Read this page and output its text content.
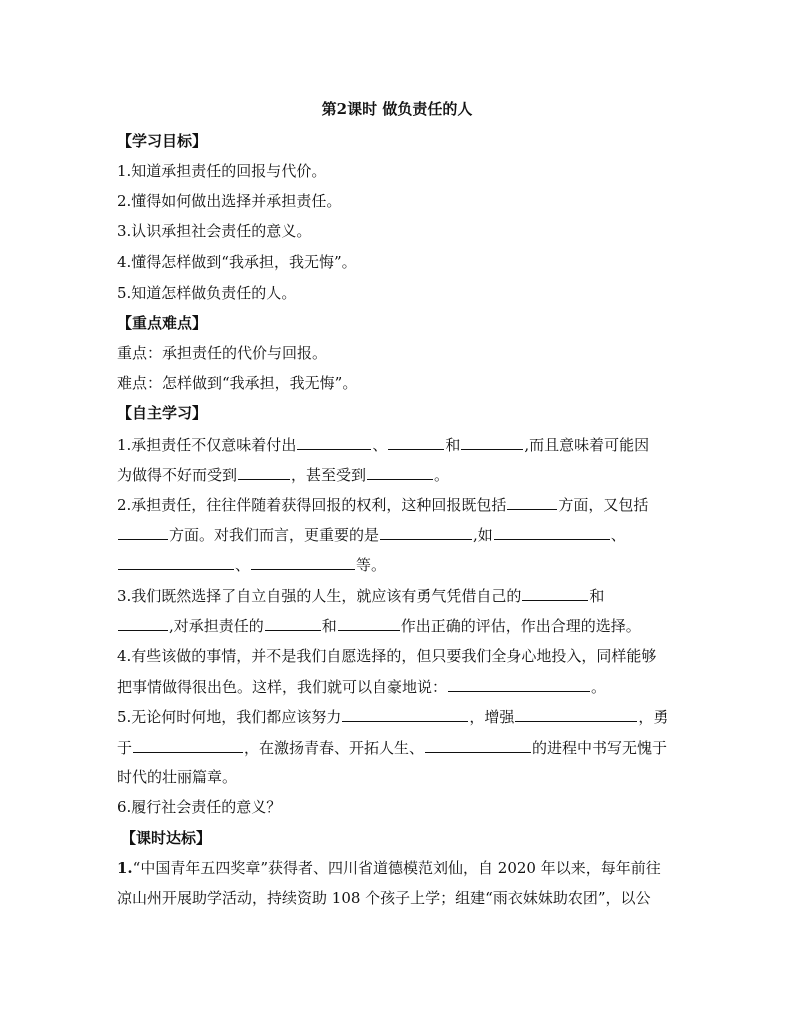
第2课时 做负责任的人
【学习目标】
1.知道承担责任的回报与代价。
2.懂得如何做出选择并承担责任。
3.认识承担社会责任的意义。
4.懂得怎样做到“我承担，我无悔”。
5.知道怎样做负责任的人。
【重点难点】
重点：承担责任的代价与回报。
难点：怎样做到“我承担，我无悔”。
【自主学习】
1.承担责任不仅意味着付出	、	和	,而且意味着可能因
为做得不好而受到	，甚至受到	。
2.承担责任，往往伴随着获得回报的权利，这种回报既包括	方面，又包括
方面。对我们而言，更重要的是	,如	、
、	等。
3.我们既然选择了自立自强的人生，就应该有勇气凭借自己的	和
,对承担责任的	和	作出正确的评估，作出合理的选择。
4.有些该做的事情，并不是我们自愿选择的，但只要我们全身心地投入，同样能够
把事情做得很出色。这样，我们就可以自豪地说：	。
5.无论何时何地，我们都应该努力	，增强	，勇
于	，在激扬青春、开拓人生、	的进程中书写无愧于
时代的壮丽篇章。
6.履行社会责任的意义？
【课时达标】
1.“中国青年五四奖章”获得者、四川省道德模范刘仙，自 2020 年以来，每年前往
凉山州开展助学活动，持续资助 108 个孩子上学；组建“雨衣妹妹助农团”，以公
